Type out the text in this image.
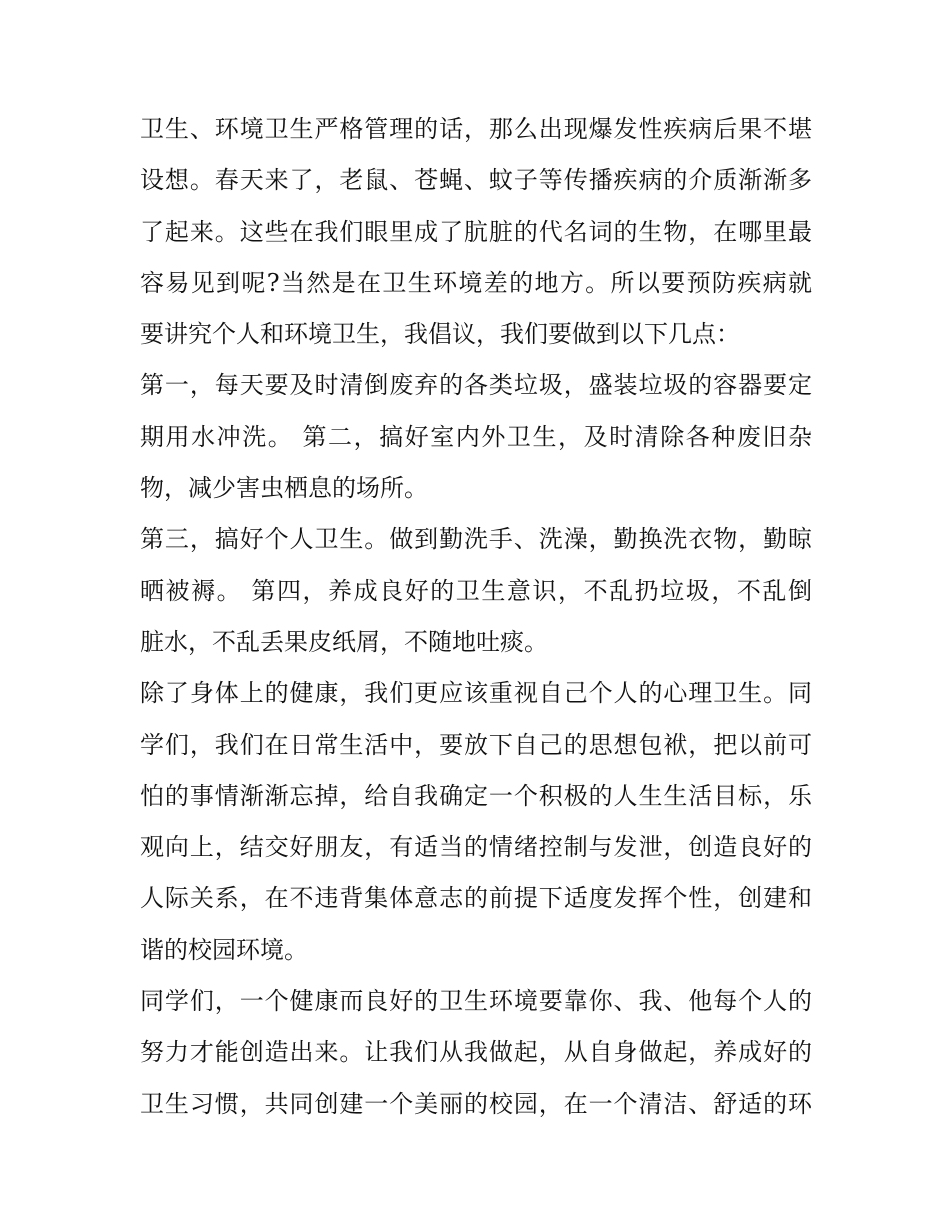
卫生、环境卫生严格管理的话，那么出现爆发性疾病后果不堪
设想。春天来了，老鼠、苍蝇、蚊子等传播疾病的介质渐渐多
了起来。这些在我们眼里成了肮脏的代名词的生物，在哪里最
容易见到呢?当然是在卫生环境差的地方。所以要预防疾病就
要讲究个人和环境卫生，我倡议，我们要做到以下几点：
第一，每天要及时清倒废弃的各类垃圾，盛装垃圾的容器要定
期用水冲洗。 第二，搞好室内外卫生，及时清除各种废旧杂
物，减少害虫栖息的场所。
第三，搞好个人卫生。做到勤洗手、洗澡，勤换洗衣物，勤晾
晒被褥。 第四，养成良好的卫生意识，不乱扔垃圾，不乱倒
脏水，不乱丢果皮纸屑，不随地吐痰。
除了身体上的健康，我们更应该重视自己个人的心理卫生。同
学们，我们在日常生活中，要放下自己的思想包袱，把以前可
怕的事情渐渐忘掉，给自我确定一个积极的人生生活目标，乐
观向上，结交好朋友，有适当的情绪控制与发泄，创造良好的
人际关系，在不违背集体意志的前提下适度发挥个性，创建和
谐的校园环境。
同学们，一个健康而良好的卫生环境要靠你、我、他每个人的
努力才能创造出来。让我们从我做起，从自身做起，养成好的
卫生习惯，共同创建一个美丽的校园，在一个清洁、舒适的环
